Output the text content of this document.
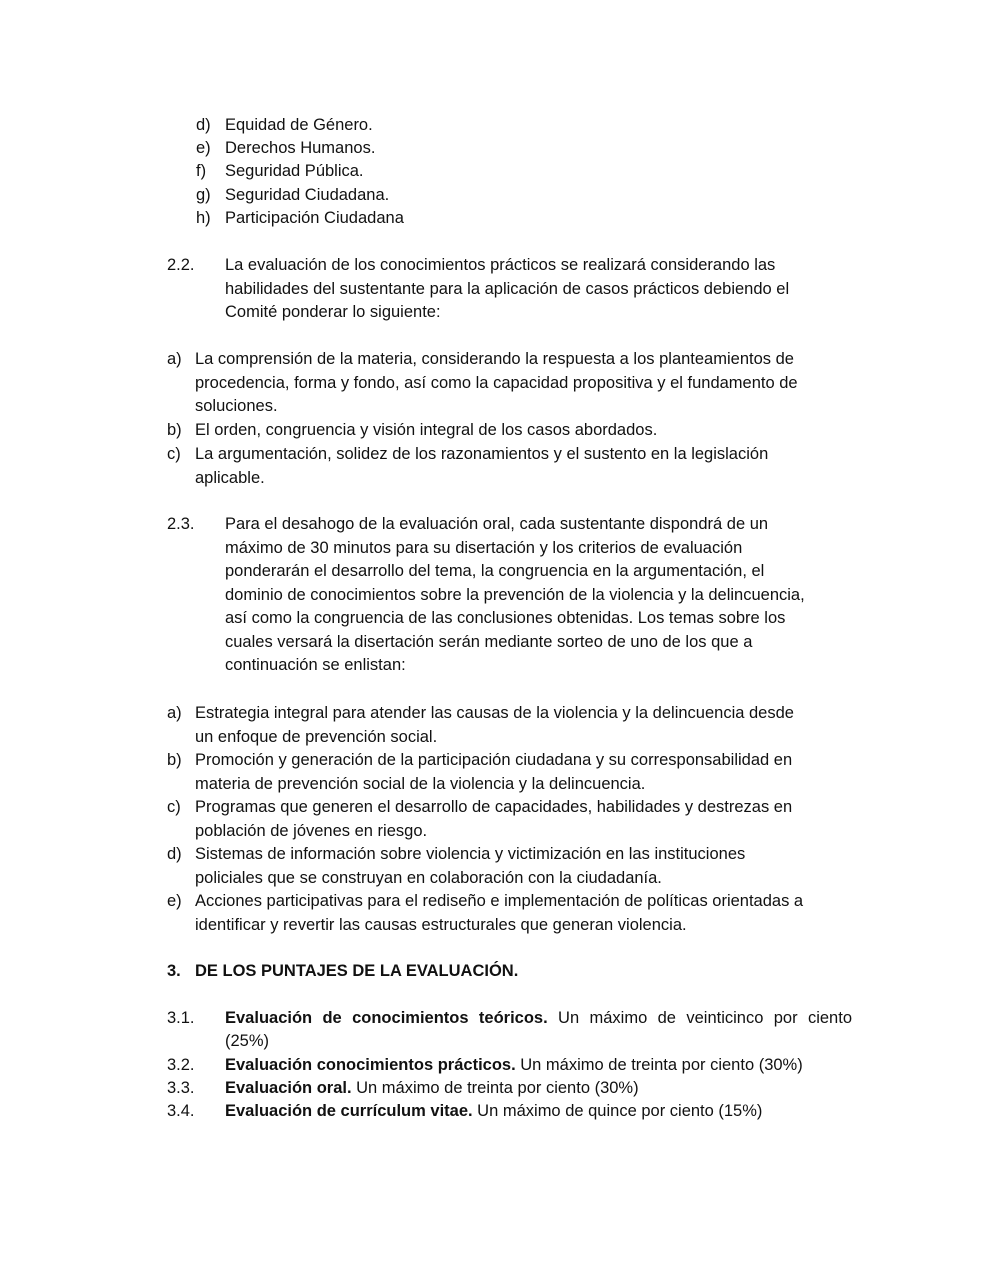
d) Equidad de Género.
e) Derechos Humanos.
f) Seguridad Pública.
g) Seguridad Ciudadana.
h) Participación Ciudadana
2.2. La evaluación de los conocimientos prácticos se realizará considerando las
habilidades del sustentante para la aplicación de casos prácticos debiendo el
Comité ponderar lo siguiente:
a) La comprensión de la materia, considerando la respuesta a los planteamientos de
procedencia, forma y fondo, así como la capacidad propositiva y el fundamento de
soluciones.
b) El orden, congruencia y visión integral de los casos abordados.
c) La argumentación, solidez de los razonamientos y el sustento en la legislación
aplicable.
2.3. Para el desahogo de la evaluación oral, cada sustentante dispondrá de un
máximo de 30 minutos para su disertación y los criterios de evaluación
ponderarán el desarrollo del tema, la congruencia en la argumentación, el
dominio de conocimientos sobre la prevención de la violencia y la delincuencia,
así como la congruencia de las conclusiones obtenidas. Los temas sobre los
cuales versará la disertación serán mediante sorteo de uno de los que a
continuación se enlistan:
a) Estrategia integral para atender las causas de la violencia y la delincuencia desde
un enfoque de prevención social.
b) Promoción y generación de la participación ciudadana y su corresponsabilidad en
materia de prevención social de la violencia y la delincuencia.
c) Programas que generen el desarrollo de capacidades, habilidades y destrezas en
población de jóvenes en riesgo.
d) Sistemas de información sobre violencia y victimización en las instituciones
policiales que se construyan en colaboración con la ciudadanía.
e) Acciones participativas para el rediseño e implementación de políticas orientadas a
identificar y revertir las causas estructurales que generan violencia.
3. DE LOS PUNTAJES DE LA EVALUACIÓN.
3.1. Evaluación de conocimientos teóricos. Un máximo de veinticinco por ciento
(25%)
3.2. Evaluación conocimientos prácticos. Un máximo de treinta por ciento (30%)
3.3. Evaluación oral. Un máximo de treinta por ciento (30%)
3.4. Evaluación de currículum vitae. Un máximo de quince por ciento (15%)
